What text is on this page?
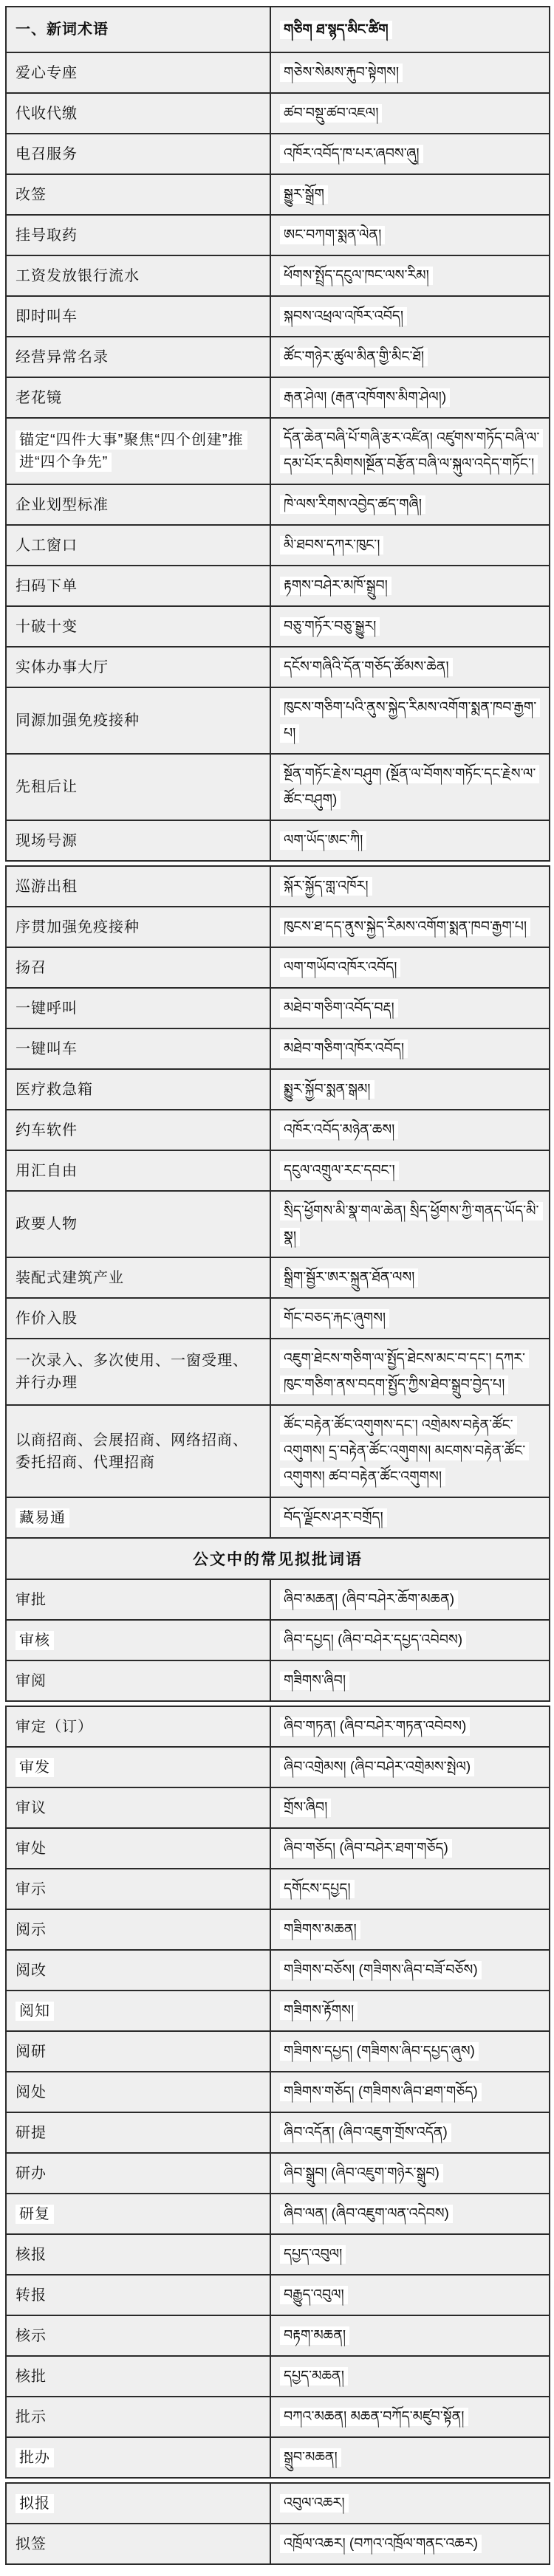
一、新词术语	གཅིག ཐ་སྙད་མིང་ཚིག
爱心专座	གཅེས་སེམས་རྐུབ་སྟེགས།
代收代缴	ཚབ་བསྡུ་ཚབ་འཇལ།
电召服务	འཁོར་འབོད་ཁ་པར་ཞབས་ཞུ།
改签	སྒྱུར་སྒྲོག
挂号取药	ཨང་བཀག་སྨན་ལེན།
工资发放银行流水	ཕོགས་སྤྲོད་དངུལ་ཁང་ལས་རིམ།
即时叫车	སྐབས་འཕྲལ་འཁོར་འབོད།
经营异常名录	ཚོང་གཉེར་ཚུལ་མིན་གྱི་མིང་ཐོ།
老花镜	རྒན་ཤེལ། (རྒན་འཁོགས་མིག་ཤེལ།)
锚定“四件大事”聚焦“四个创建”推进“四个争先”	དོན་ཆེན་བཞི་པོ་གཞི་རྩར་འཛིན། འཛུགས་གཏོད་བཞི་ལ་དམ་པོར་དམིགས།སྔོན་བརྩོན་བཞི་ལ་སྐུལ་འདེད་གཏོང་།
企业划型标准	ཁེ་ལས་རིགས་འབྱེད་ཚད་གཞི།
人工窗口	མི་ཐབས་དཀར་ཁུང་།
扫码下单	རྟགས་བཤེར་མཁོ་སྒྲུབ།
十破十变	བཅུ་གཏོར་བཅུ་སྒྱུར།
实体办事大厅	དངོས་གཞིའི་དོན་གཅོད་ཚོམས་ཆེན།
同源加强免疫接种	ཁུངས་གཅིག་པའི་ནུས་སྐྱེད་རིམས་འགོག་སྨན་ཁབ་རྒྱག་པ།
先租后让	སྔོན་གཏོང་རྗེས་བཤུག (སྔོན་ལ་བོགས་གཏོང་དང་རྗེས་ལ་ཚོང་བཤུག)
现场号源	ལག་ཡོད་ཨང་ཀི།
巡游出租	སྐོར་སྐྱོད་གླ་འཁོར།
序贯加强免疫接种	ཁུངས་ཐ་དད་ནུས་སྐྱེད་རིམས་འགོག་སྨན་ཁབ་རྒྱག་པ།
扬召	ལག་གཡོབ་འཁོར་འབོད།
一键呼叫	མཐེབ་གཅིག་འབོད་བརྡ།
一键叫车	མཐེབ་གཅིག་འཁོར་འབོད།
医疗救急箱	སྨྱུར་སྐྱོབ་སྨན་སྒམ།
约车软件	འཁོར་འབོད་མཉེན་ཆས།
用汇自由	དངུལ་འགྲུལ་རང་དབང་།
政要人物	སྲིད་ཕྱོགས་མི་སྣ་གལ་ཆེན། སྲིད་ཕྱོགས་ཀྱི་གནད་ཡོད་མི་སྣ།
装配式建筑产业	སྒྲིག་སྦྱོར་ཨར་སྐྲུན་ཐོན་ལས།
作价入股	གོང་བཅད་རྐང་ཞུགས།
一次录入、多次使用、一窗受理、并行办理	འཇུག་ཐེངས་གཅིག་ལ་སྤྱོད་ཐེངས་མང་བ་དང་། དཀར་ཁུང་གཅིག་ནས་བདག་སྤྱོད་ཀྱིས་ཐེབ་སྒྲུབ་བྱེད་པ།
以商招商、会展招商、网络招商、委托招商、代理招商	ཚོང་བརྟེན་ཚོང་འགུགས་དང་། འགྲེམས་བརྟེན་ཚོང་འགུགས། དྲ་བརྟེན་ཚོང་འགུགས། མངགས་བརྟེན་ཚོང་འགུགས། ཚབ་བརྟེན་ཚོང་འགུགས།
藏易通	བོད་ལྗོངས་ཤར་བགྲོད།
公文中的常见拟批词语	
审批	ཞིབ་མཆན། (ཞིབ་བཤེར་ཆོག་མཆན)
审核	ཞིབ་དཔྱད། (ཞིབ་བཤེར་དཔྱད་འབེབས)
审阅	གཟིགས་ཞིབ།
审定（订）	ཞིབ་གཏན། (ཞིབ་བཤེར་གཏན་འབེབས)
审发	ཞིབ་འགྲེམས། (ཞིབ་བཤེར་འགྲེམས་སྤེལ)
审议	གྲོས་ཞིབ།
审处	ཞིབ་གཅོད། (ཞིབ་བཤེར་ཐག་གཅོད)
审示	དགོངས་དཔྱད།
阅示	གཟིགས་མཆན།
阅改	གཟིགས་བཅོས། (གཟིགས་ཞིབ་བཟོ་བཅོས)
阅知	གཟིགས་རྟོགས།
阅研	གཟིགས་དཔྱད། (གཟིགས་ཞིབ་དཔྱད་ཞུས)
阅处	གཟིགས་གཅོད། (གཟིགས་ཞིབ་ཐག་གཅོད)
研提	ཞིབ་འདོན། (ཞིབ་འཇུག་གྲོས་འདོན)
研办	ཞིབ་སྒྲུབ། (ཞིབ་འཇུག་གཉེར་སྒྲུབ)
研复	ཞིབ་ལན། (ཞིབ་འཇུག་ལན་འདེབས)
核报	དཔྱད་འབུལ།
转报	བརྒྱུད་འབུལ།
核示	བརྟག་མཆན།
核批	དཔྱད་མཆན།
批示	བཀའ་མཆན། མཆན་བཀོད་མཛུབ་སྟོན།
批办	སྒྲུབ་མཆན།
拟报	འབུལ་འཆར།
拟签	འཁྲོལ་འཆར། (བཀའ་འཁྲོལ་གནང་འཆར)
